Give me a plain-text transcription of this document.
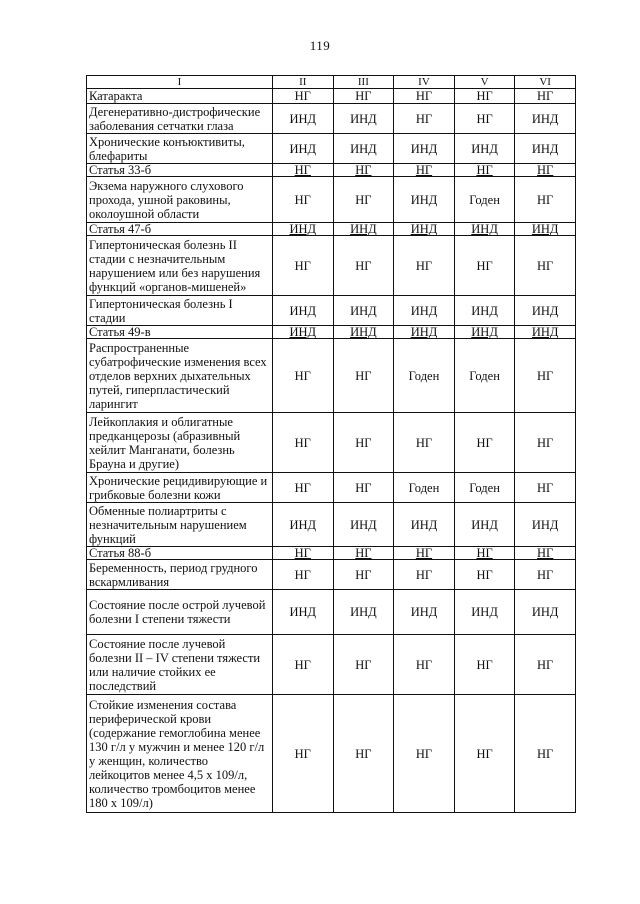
119
I	II	III	IV	V	VI
Катаракта	НГ	НГ	НГ	НГ	НГ
Дегенеративно-дистрофические заболевания сетчатки глаза	ИНД	ИНД	НГ	НГ	ИНД
Хронические конъюктивиты, блефариты	ИНД	ИНД	ИНД	ИНД	ИНД
Статья 33-б	НГ	НГ	НГ	НГ	НГ
Экзема наружного слухового прохода, ушной раковины, околоушной области	НГ	НГ	ИНД	Годен	НГ
Статья 47-б	ИНД	ИНД	ИНД	ИНД	ИНД
Гипертоническая болезнь II стадии с незначительным нарушением или без нарушения функций «органов-мишеней»	НГ	НГ	НГ	НГ	НГ
Гипертоническая болезнь I стадии	ИНД	ИНД	ИНД	ИНД	ИНД
Статья 49-в	ИНД	ИНД	ИНД	ИНД	ИНД
Распространенные субатрофические изменения всех отделов верхних дыхательных путей, гиперпластический ларингит	НГ	НГ	Годен	Годен	НГ
Лейкоплакия и облигатные предканцерозы (абразивный хейлит Манганати, болезнь Брауна и другие)	НГ	НГ	НГ	НГ	НГ
Хронические рецидивирующие и грибковые болезни кожи	НГ	НГ	Годен	Годен	НГ
Обменные полиартриты с незначительным нарушением функций	ИНД	ИНД	ИНД	ИНД	ИНД
Статья 88-б	НГ	НГ	НГ	НГ	НГ
Беременность, период грудного вскармливания	НГ	НГ	НГ	НГ	НГ
Состояние после острой лучевой болезни I степени тяжести	ИНД	ИНД	ИНД	ИНД	ИНД
Состояние после лучевой болезни II – IV степени тяжести или наличие стойких ее последствий	НГ	НГ	НГ	НГ	НГ
Стойкие изменения состава периферической крови (содержание гемоглобина менее 130 г/л у мужчин и менее 120 г/л у женщин, количество лейкоцитов менее 4,5 х 109/л, количество тромбоцитов менее 180 х 109/л)	НГ	НГ	НГ	НГ	НГ
